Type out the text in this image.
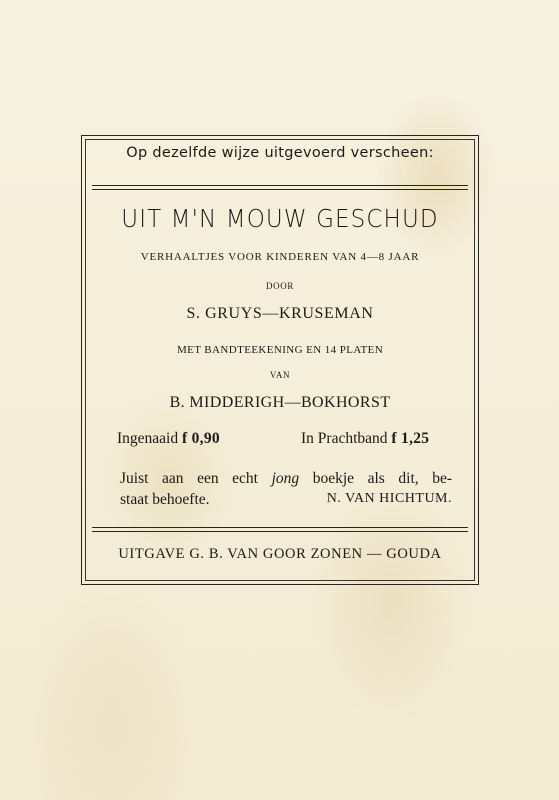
Op dezelfde wijze uitgevoerd verscheen:
UIT M'N MOUW GESCHUD
VERHAALTJES VOOR KINDEREN VAN 4—8 JAAR
DOOR
S. GRUYS—KRUSEMAN
MET BANDTEEKENING EN 14 PLATEN
VAN
B. MIDDERIGH—BOKHORST
Ingenaaid f 0,90	In Prachtband f 1,25
Juist aan een echt jong boekje als dit, be-
staat behoefte.	N. VAN HICHTUM.
UITGAVE G. B. VAN GOOR ZONEN — GOUDA
